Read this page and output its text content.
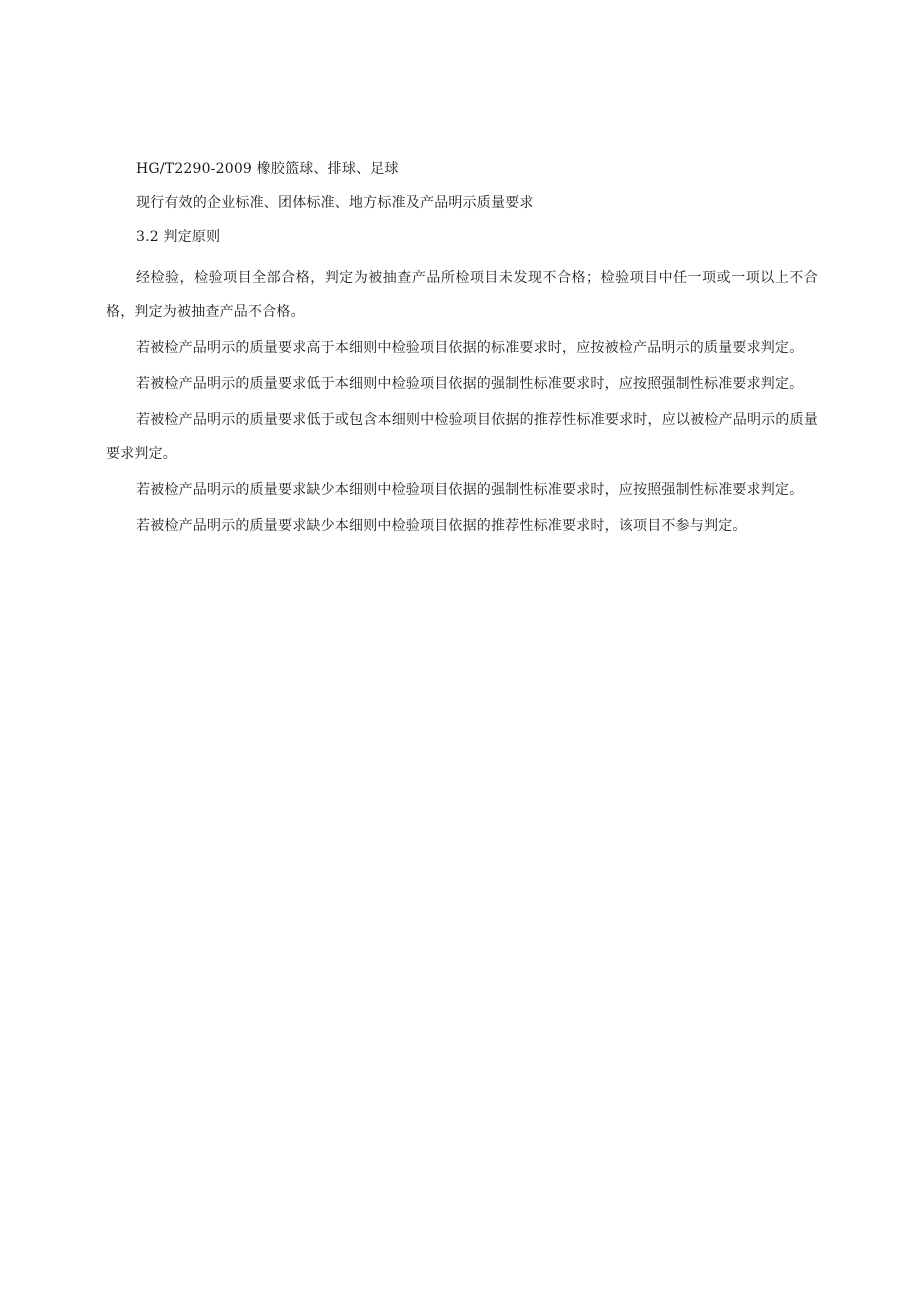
HG/T2290-2009 橡胶篮球、排球、足球
现行有效的企业标准、团体标准、地方标准及产品明示质量要求
3.2 判定原则

经检验，检验项目全部合格，判定为被抽查产品所检项目未发现不合格；检验项目中任一项或一项以上不合格，判定为被抽查产品不合格。

若被检产品明示的质量要求高于本细则中检验项目依据的标准要求时，应按被检产品明示的质量要求判定。

若被检产品明示的质量要求低于本细则中检验项目依据的强制性标准要求时，应按照强制性标准要求判定。

若被检产品明示的质量要求低于或包含本细则中检验项目依据的推荐性标准要求时，应以被检产品明示的质量要求判定。

若被检产品明示的质量要求缺少本细则中检验项目依据的强制性标准要求时，应按照强制性标准要求判定。

若被检产品明示的质量要求缺少本细则中检验项目依据的推荐性标准要求时，该项目不参与判定。
